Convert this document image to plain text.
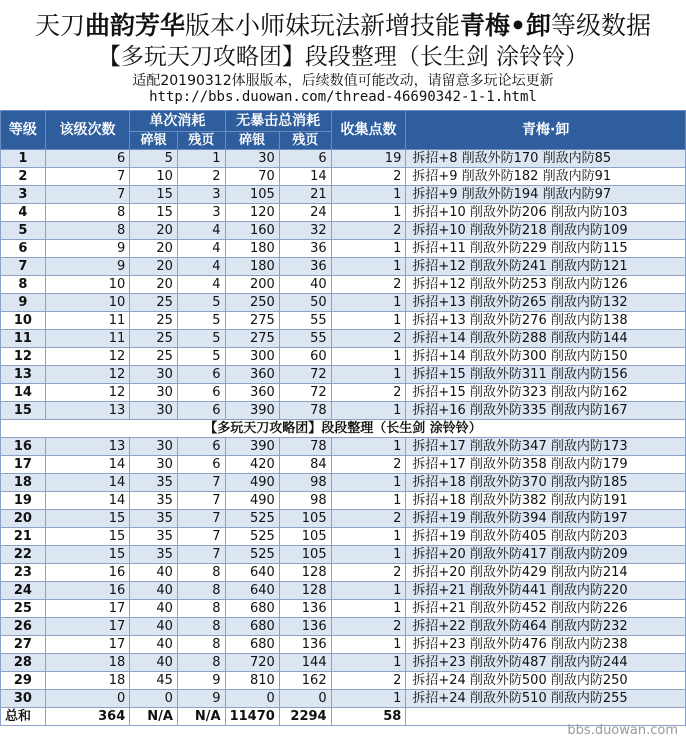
天刀曲韵芳华版本小师妹玩法新增技能青梅•卸等级数据
【多玩天刀攻略团】段段整理（长生剑 涂铃铃）
适配20190312体服版本，后续数值可能改动，请留意多玩论坛更新
http://bbs.duowan.com/thread-46690342-1-1.html
等级	该级次数	单次消耗		无暴击总消耗		收集点数	青梅·卸
		碎银	残页	碎银	残页		
1	6	5	1	30	6	19	拆招+8 削敌外防170 削敌内防85
2	7	10	2	70	14	2	拆招+9 削敌外防182 削敌内防91
3	7	15	3	105	21	1	拆招+9 削敌外防194 削敌内防97
4	8	15	3	120	24	1	拆招+10 削敌外防206 削敌内防103
5	8	20	4	160	32	2	拆招+10 削敌外防218 削敌内防109
6	9	20	4	180	36	1	拆招+11 削敌外防229 削敌内防115
7	9	20	4	180	36	1	拆招+12 削敌外防241 削敌内防121
8	10	20	4	200	40	2	拆招+12 削敌外防253 削敌内防126
9	10	25	5	250	50	1	拆招+13 削敌外防265 削敌内防132
10	11	25	5	275	55	1	拆招+13 削敌外防276 削敌内防138
11	11	25	5	275	55	2	拆招+14 削敌外防288 削敌内防144
12	12	25	5	300	60	1	拆招+14 削敌外防300 削敌内防150
13	12	30	6	360	72	1	拆招+15 削敌外防311 削敌内防156
14	12	30	6	360	72	2	拆招+15 削敌外防323 削敌内防162
15	13	30	6	390	78	1	拆招+16 削敌外防335 削敌内防167
【多玩天刀攻略团】段段整理（长生剑 涂铃铃）							
16	13	30	6	390	78	1	拆招+17 削敌外防347 削敌内防173
17	14	30	6	420	84	2	拆招+17 削敌外防358 削敌内防179
18	14	35	7	490	98	1	拆招+18 削敌外防370 削敌内防185
19	14	35	7	490	98	1	拆招+18 削敌外防382 削敌内防191
20	15	35	7	525	105	2	拆招+19 削敌外防394 削敌内防197
21	15	35	7	525	105	1	拆招+19 削敌外防405 削敌内防203
22	15	35	7	525	105	1	拆招+20 削敌外防417 削敌内防209
23	16	40	8	640	128	2	拆招+20 削敌外防429 削敌内防214
24	16	40	8	640	128	1	拆招+21 削敌外防441 削敌内防220
25	17	40	8	680	136	1	拆招+21 削敌外防452 削敌内防226
26	17	40	8	680	136	2	拆招+22 削敌外防464 削敌内防232
27	17	40	8	680	136	1	拆招+23 削敌外防476 削敌内防238
28	18	40	8	720	144	1	拆招+23 削敌外防487 削敌内防244
29	18	45	9	810	162	2	拆招+24 削敌外防500 削敌内防250
30	0	0	9	0	0	1	拆招+24 削敌外防510 削敌内防255
总和	364	N/A	N/A	11470	2294	58	
bbs.duowan.com
